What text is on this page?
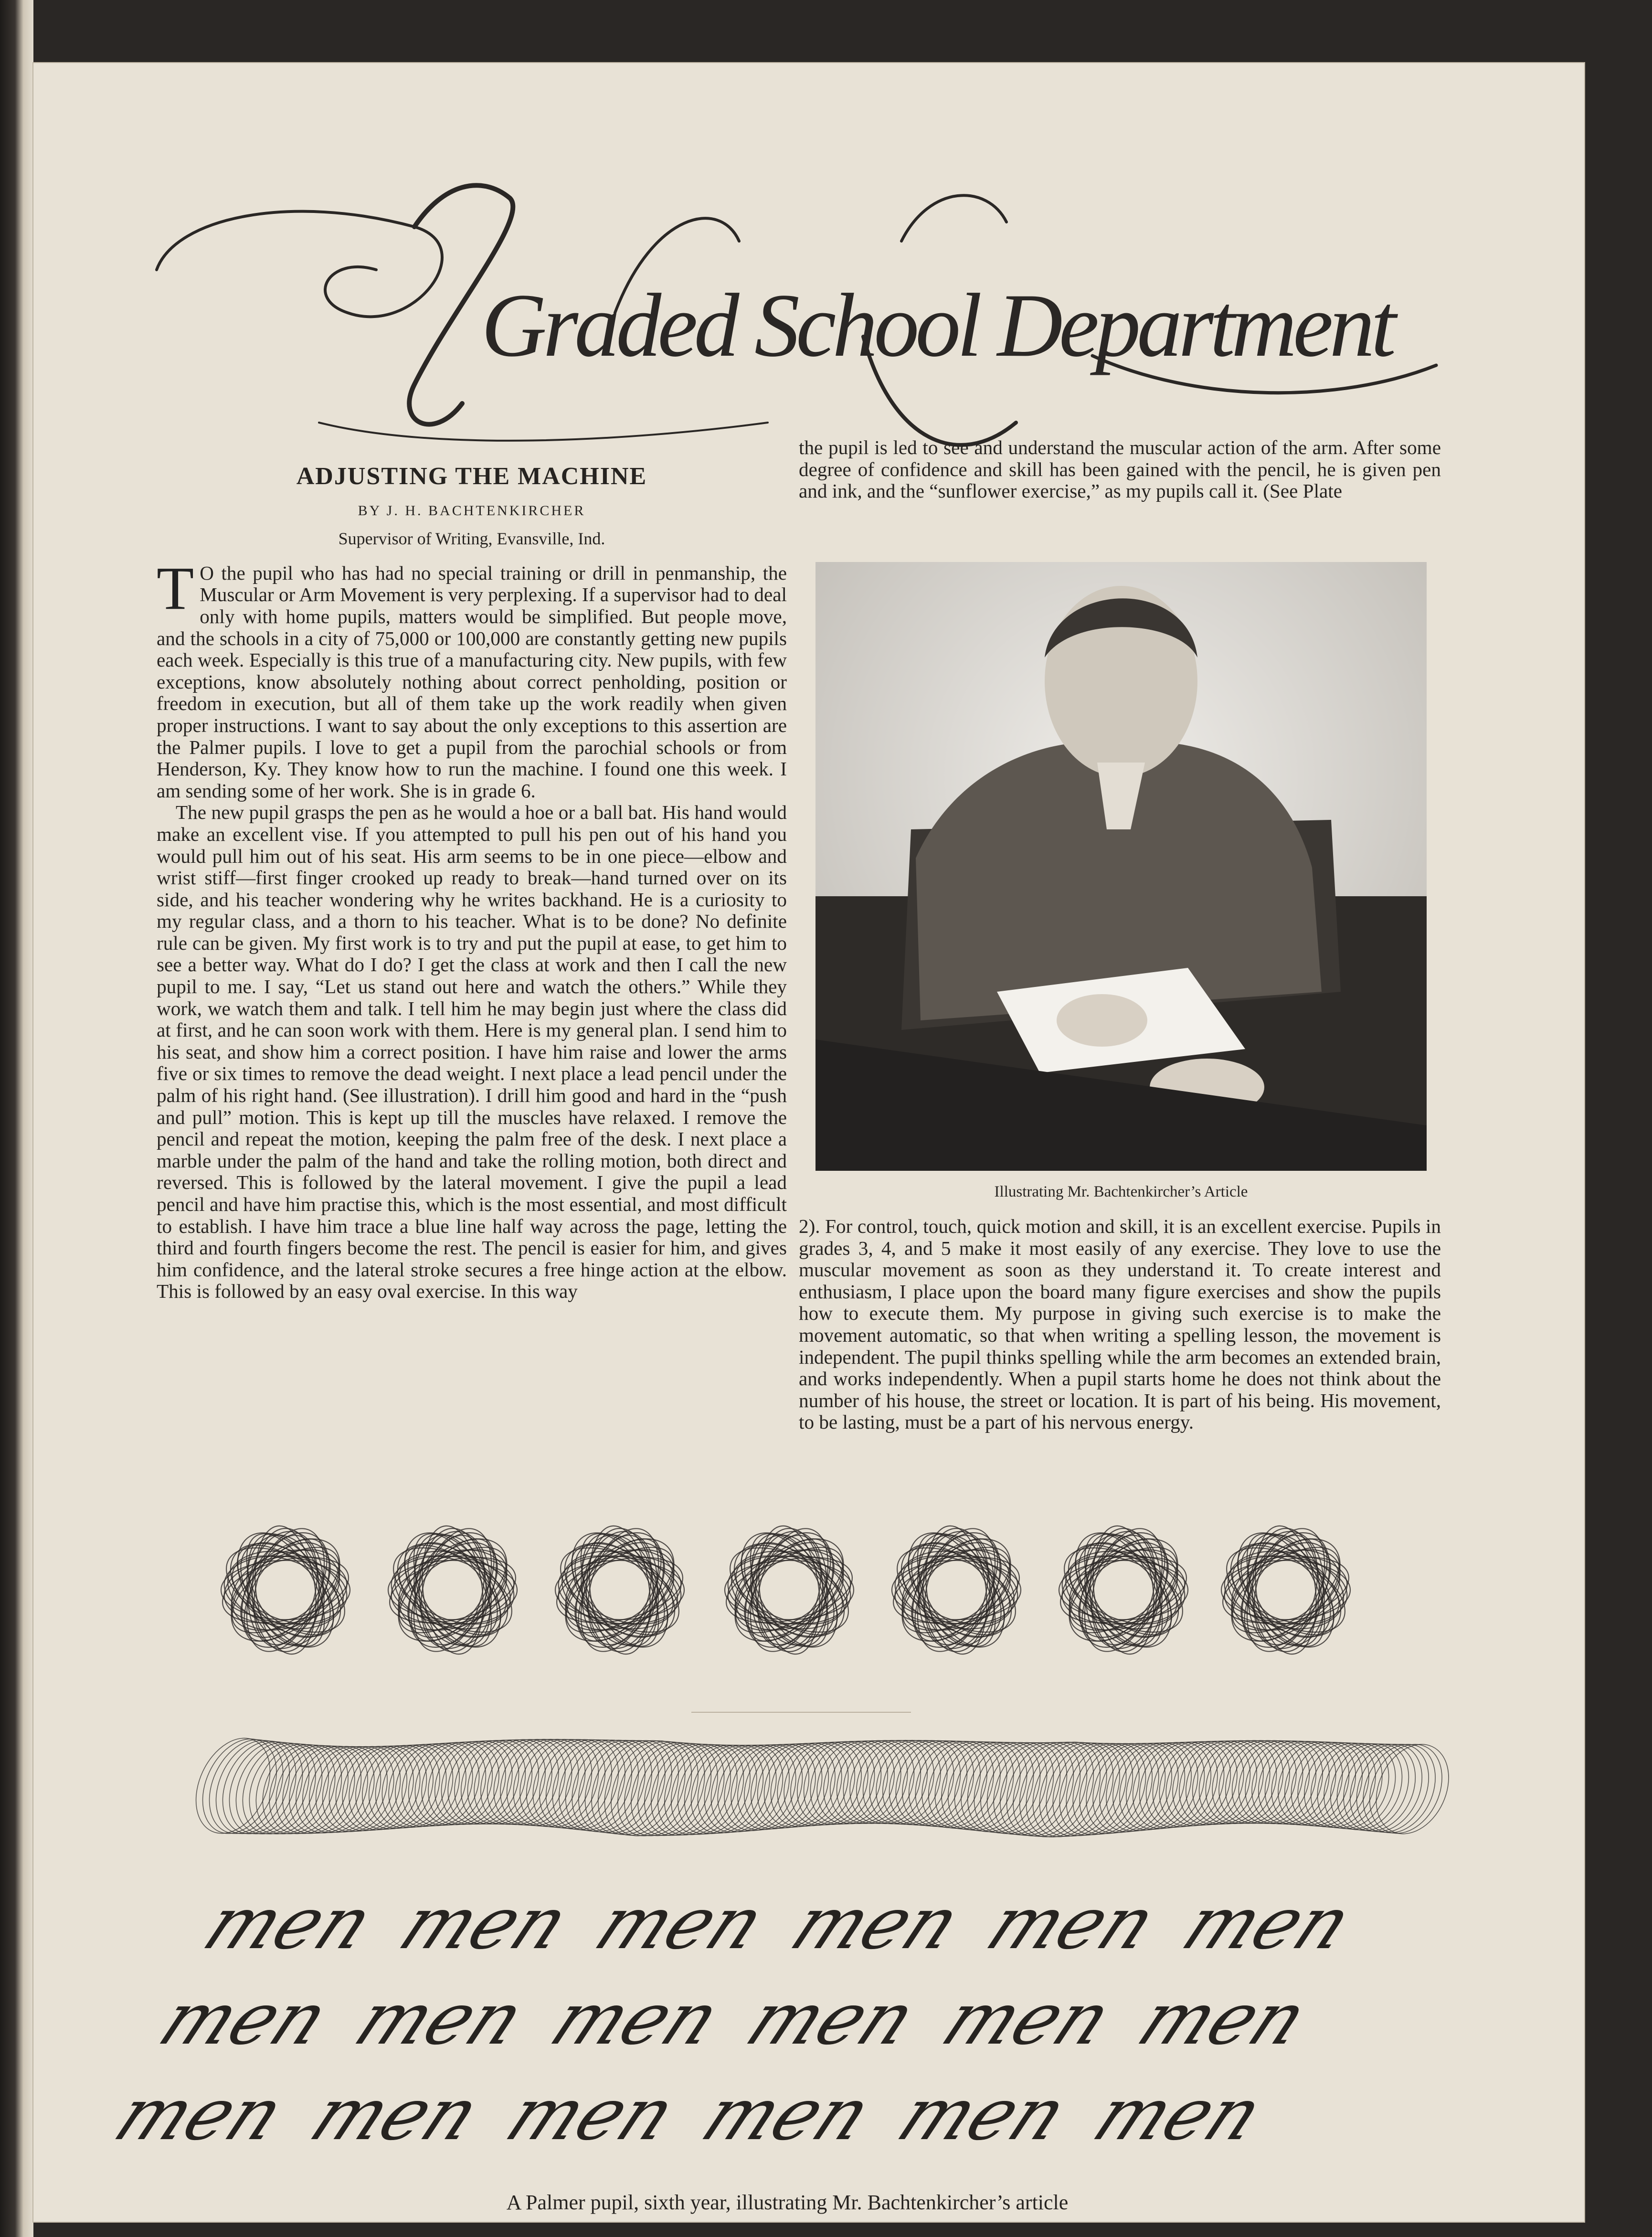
Graded School Department
ADJUSTING THE MACHINE
BY J. H. BACHTENKIRCHER
Supervisor of Writing, Evansville, Ind.

T O the pupil who has had no special training or drill in penmanship, the Muscular or Arm Movement is very perplexing. If a supervisor had to deal only with home pupils, matters would be simplified. But people move, and the schools in a city of 75,000 or 100,000 are constantly getting new pupils each week. Especially is this true of a manufacturing city. New pupils, with few exceptions, know absolutely nothing about correct penholding, position or freedom in execution, but all of them take up the work readily when given proper instructions. I want to say about the only exceptions to this assertion are the Palmer pupils. I love to get a pupil from the parochial schools or from Henderson, Ky. They know how to run the machine. I found one this week. I am sending some of her work. She is in grade 6.

The new pupil grasps the pen as he would a hoe or a ball bat. His hand would make an excellent vise. If you attempted to pull his pen out of his hand you would pull him out of his seat. His arm seems to be in one piece—elbow and wrist stiff—first finger crooked up ready to break—hand turned over on its side, and his teacher wondering why he writes backhand. He is a curiosity to my regular class, and a thorn to his teacher. What is to be done? No definite rule can be given. My first work is to try and put the pupil at ease, to get him to see a better way. What do I do? I get the class at work and then I call the new pupil to me. I say, “Let us stand out here and watch the others.” While they work, we watch them and talk. I tell him he may begin just where the class did at first, and he can soon work with them. Here is my general plan. I send him to his seat, and show him a correct position. I have him raise and lower the arms five or six times to remove the dead weight. I next place a lead pencil under the palm of his right hand. (See illustration). I drill him good and hard in the “push and pull” motion. This is kept up till the muscles have relaxed. I remove the pencil and repeat the motion, keeping the palm free of the desk. I next place a marble under the palm of the hand and take the rolling motion, both direct and reversed. This is followed by the lateral movement. I give the pupil a lead pencil and have him practise this, which is the most essential, and most difficult to establish. I have him trace a blue line half way across the page, letting the third and fourth fingers become the rest. The pencil is easier for him, and gives him confidence, and the lateral stroke secures a free hinge action at the elbow. This is followed by an easy oval exercise. In this way

the pupil is led to see and understand the muscular action of the arm. After some degree of confidence and skill has been gained with the pencil, he is given pen and ink, and the “sunflower exercise,” as my pupils call it. (See Plate

Illustrating Mr. Bachtenkircher’s Article

2). For control, touch, quick motion and skill, it is an excellent exercise. Pupils in grades 3, 4, and 5 make it most easily of any exercise. They love to use the muscular movement as soon as they understand it. To create interest and enthusiasm, I place upon the board many figure exercises and show the pupils how to execute them. My purpose in giving such exercise is to make the movement automatic, so that when writing a spelling lesson, the movement is independent. The pupil thinks spelling while the arm becomes an extended brain, and works independently. When a pupil starts home he does not think about the number of his house, the street or location. It is part of his being. His movement, to be lasting, must be a part of his nervous energy.

men men men men men men
men men men men men men
men men men men men men
A Palmer pupil, sixth year, illustrating Mr. Bachtenkircher’s article
